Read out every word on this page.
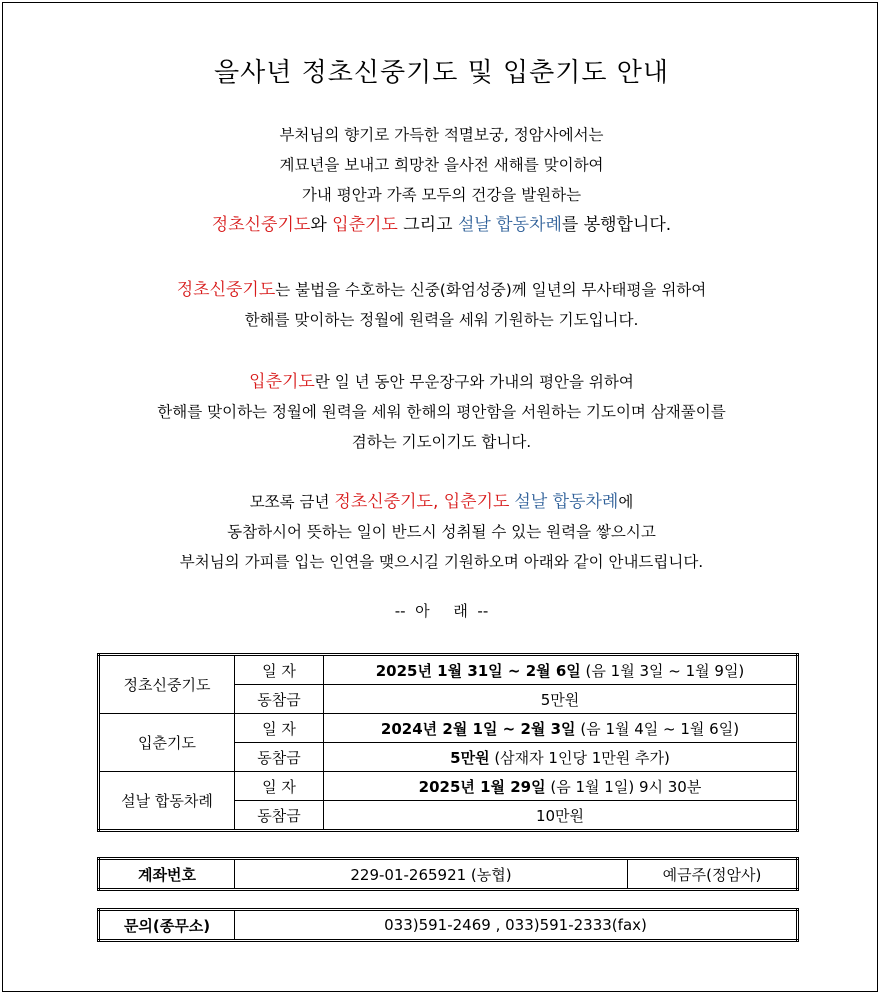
을사년 정초신중기도 및 입춘기도 안내
부처님의 향기로 가득한 적멸보궁, 정암사에서는
계묘년을 보내고 희망찬 을사전 새해를 맞이하여
가내 평안과 가족 모두의 건강을 발원하는
정초신중기도와 입춘기도 그리고 설날 합동차례를 봉행합니다.
정초신중기도는 불법을 수호하는 신중(화엄성중)께 일년의 무사태평을 위하여
한해를 맞이하는 정월에 원력을 세워 기원하는 기도입니다.
입춘기도란 일 년 동안 무운장구와 가내의 평안을 위하여
한해를 맞이하는 정월에 원력을 세워 한해의 평안함을 서원하는 기도이며 삼재풀이를
겸하는 기도이기도 합니다.
모쪼록 금년 정초신중기도, 입춘기도 설날 합동차례에
동참하시어 뜻하는 일이 반드시 성취될 수 있는 원력을 쌓으시고
부처님의 가피를 입는 인연을 맺으시길 기원하오며 아래와 같이 안내드립니다.
--  아     래  --
정초신중기도	일 자	2025년 1월 31일 ~ 2월 6일 (음 1월 3일 ~ 1월 9일)
	동참금	5만원
입춘기도	일 자	2024년 2월 1일 ~ 2월 3일 (음 1월 4일 ~ 1월 6일)
	동참금	5만원 (삼재자 1인당 1만원 추가)
설날 합동차례	일 자	2025년 1월 29일 (음 1월 1일) 9시 30분
	동참금	10만원
계좌번호	229-01-265921 (농협)	예금주(정암사)
문의(종무소)	033)591-2469 , 033)591-2333(fax)
